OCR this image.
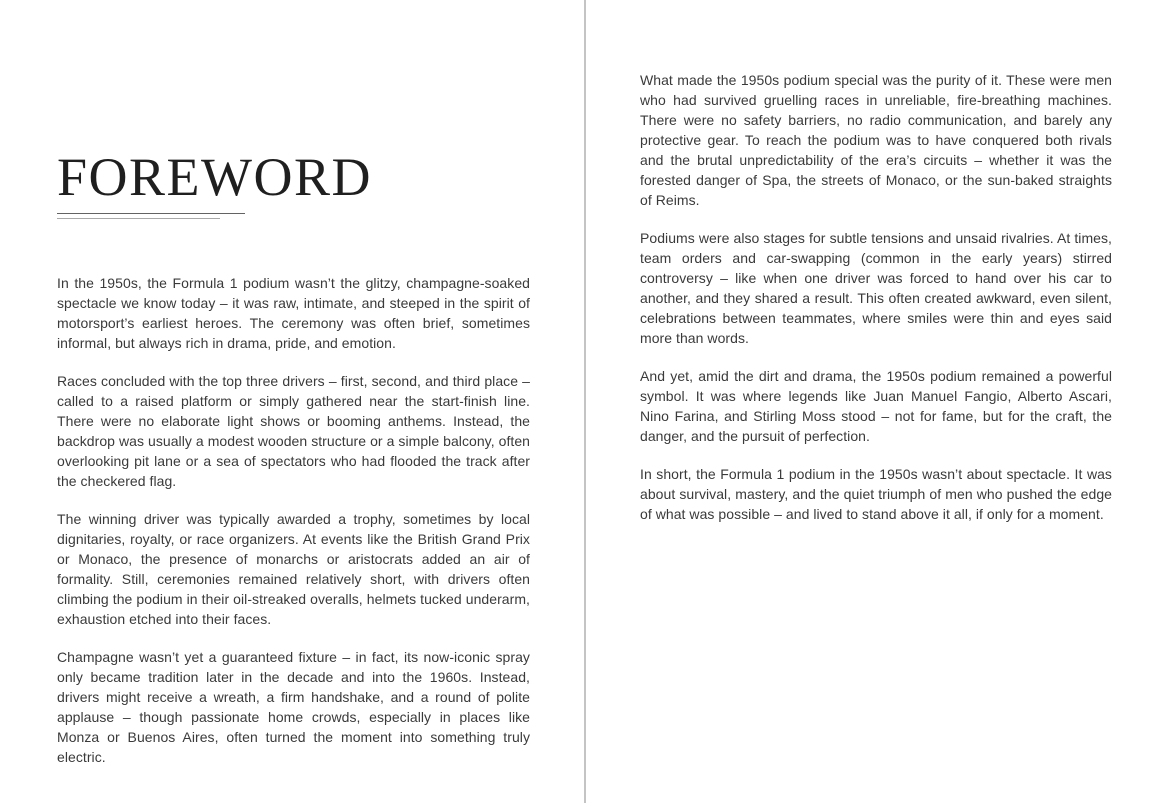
FOREWORD

In the 1950s, the Formula 1 podium wasn’t the glitzy, champagne-soaked spectacle we know today – it was raw, intimate, and steeped in the spirit of motorsport’s earliest heroes. The ceremony was often brief, sometimes informal, but always rich in drama, pride, and emotion.

Races concluded with the top three drivers – first, second, and third place – called to a raised platform or simply gathered near the start-finish line. There were no elaborate light shows or booming anthems. Instead, the backdrop was usually a modest wooden structure or a simple balcony, often overlooking pit lane or a sea of spectators who had flooded the track after the checkered flag.

The winning driver was typically awarded a trophy, sometimes by local dignitaries, royalty, or race organizers. At events like the British Grand Prix or Monaco, the presence of monarchs or aristocrats added an air of formality. Still, ceremonies remained relatively short, with drivers often climbing the podium in their oil-streaked overalls, helmets tucked underarm, exhaustion etched into their faces.

Champagne wasn’t yet a guaranteed fixture – in fact, its now-iconic spray only became tradition later in the decade and into the 1960s. Instead, drivers might receive a wreath, a firm handshake, and a round of polite applause – though passionate home crowds, especially in places like Monza or Buenos Aires, often turned the moment into something truly electric.

What made the 1950s podium special was the purity of it. These were men who had survived gruelling races in unreliable, fire-breathing machines. There were no safety barriers, no radio communication, and barely any protective gear. To reach the podium was to have conquered both rivals and the brutal unpredictability of the era’s circuits – whether it was the forested danger of Spa, the streets of Monaco, or the sun-baked straights of Reims.

Podiums were also stages for subtle tensions and unsaid rivalries. At times, team orders and car-swapping (common in the early years) stirred controversy – like when one driver was forced to hand over his car to another, and they shared a result. This often created awkward, even silent, celebrations between teammates, where smiles were thin and eyes said more than words.

And yet, amid the dirt and drama, the 1950s podium remained a powerful symbol. It was where legends like Juan Manuel Fangio, Alberto Ascari, Nino Farina, and Stirling Moss stood – not for fame, but for the craft, the danger, and the pursuit of perfection.

In short, the Formula 1 podium in the 1950s wasn’t about spectacle. It was about survival, mastery, and the quiet triumph of men who pushed the edge of what was possible – and lived to stand above it all, if only for a moment.
